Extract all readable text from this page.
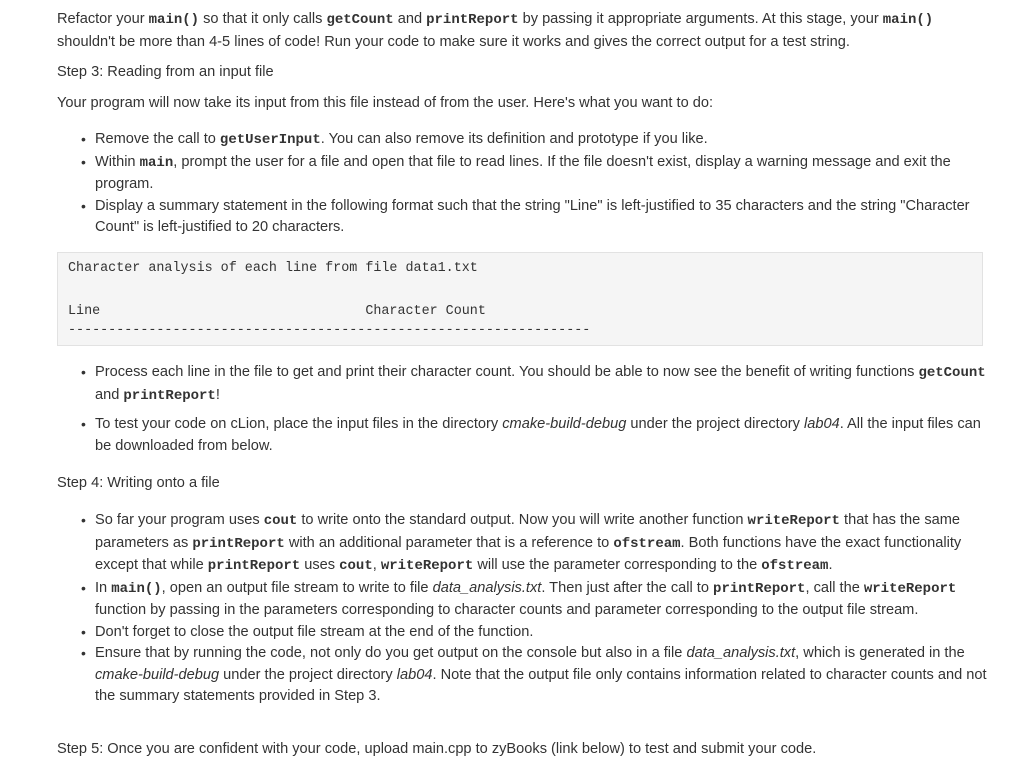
Refactor your main() so that it only calls getCount and printReport by passing it appropriate arguments. At this stage, your main() shouldn't be more than 4-5 lines of code! Run your code to make sure it works and gives the correct output for a test string.

Step 3: Reading from an input file

Your program will now take its input from this file instead of from the user. Here's what you want to do:

• Remove the call to getUserInput. You can also remove its definition and prototype if you like.
• Within main, prompt the user for a file and open that file to read lines. If the file doesn't exist, display a warning message and exit the program.
• Display a summary statement in the following format such that the string "Line" is left-justified to 35 characters and the string "Character Count" is left-justified to 20 characters.
Character analysis of each line from file data1.txt
Line                                 Character Count
-----------------------------------------------------------------
• Process each line in the file to get and print their character count. You should be able to now see the benefit of writing functions getCount and printReport!
• To test your code on cLion, place the input files in the directory cmake-build-debug under the project directory lab04. All the input files can be downloaded from below.

Step 4: Writing onto a file

• So far your program uses cout to write onto the standard output. Now you will write another function writeReport that has the same parameters as printReport with an additional parameter that is a reference to ofstream. Both functions have the exact functionality except that while printReport uses cout, writeReport will use the parameter corresponding to the ofstream.
• In main(), open an output file stream to write to file data_analysis.txt. Then just after the call to printReport, call the writeReport function by passing in the parameters corresponding to character counts and parameter corresponding to the output file stream.
• Don't forget to close the output file stream at the end of the function.
• Ensure that by running the code, not only do you get output on the console but also in a file data_analysis.txt, which is generated in the cmake-build-debug under the project directory lab04. Note that the output file only contains information related to character counts and not the summary statements provided in Step 3.

Step 5: Once you are confident with your code, upload main.cpp to zyBooks (link below) to test and submit your code.
